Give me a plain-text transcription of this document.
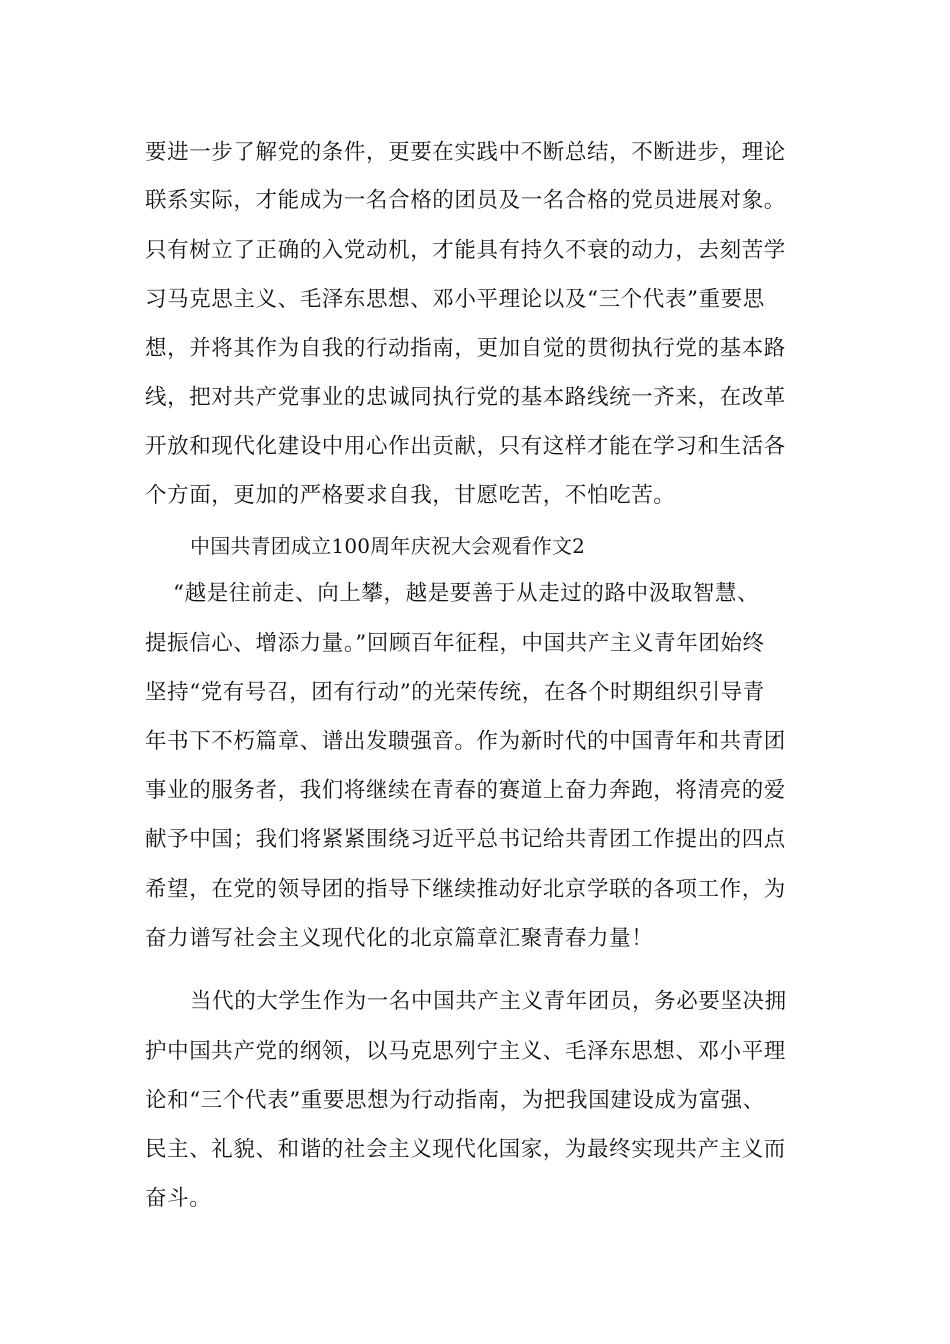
要进一步了解党的条件，更要在实践中不断总结，不断进步，理论
联系实际，才能成为一名合格的团员及一名合格的党员进展对象。
只有树立了正确的入党动机，才能具有持久不衰的动力，去刻苦学
习马克思主义、毛泽东思想、邓小平理论以及“三个代表”重要思
想，并将其作为自我的行动指南，更加自觉的贯彻执行党的基本路
线，把对共产党事业的忠诚同执行党的基本路线统一齐来，在改革
开放和现代化建设中用心作出贡献，只有这样才能在学习和生活各
个方面，更加的严格要求自我，甘愿吃苦，不怕吃苦。
中国共青团成立100周年庆祝大会观看作文2
“越是往前走、向上攀，越是要善于从走过的路中汲取智慧、
提振信心、增添力量。”回顾百年征程，中国共产主义青年团始终
坚持“党有号召，团有行动”的光荣传统，在各个时期组织引导青
年书下不朽篇章、谱出发聩强音。作为新时代的中国青年和共青团
事业的服务者，我们将继续在青春的赛道上奋力奔跑，将清亮的爱
献予中国；我们将紧紧围绕习近平总书记给共青团工作提出的四点
希望，在党的领导团的指导下继续推动好北京学联的各项工作，为
奋力谱写社会主义现代化的北京篇章汇聚青春力量！
当代的大学生作为一名中国共产主义青年团员，务必要坚决拥
护中国共产党的纲领，以马克思列宁主义、毛泽东思想、邓小平理
论和“三个代表”重要思想为行动指南，为把我国建设成为富强、
民主、礼貌、和谐的社会主义现代化国家，为最终实现共产主义而
奋斗。
